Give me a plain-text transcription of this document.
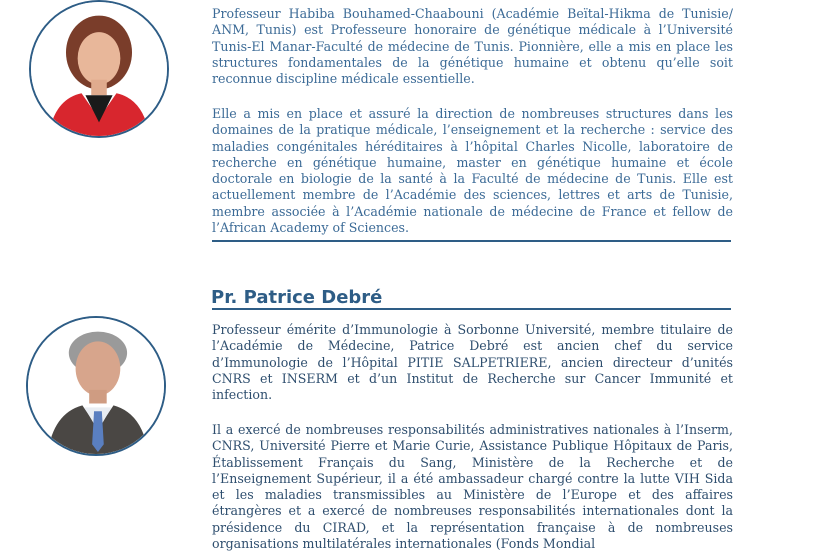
Professeur Habiba Bouhamed-Chaabouni (Académie Beïtal-Hikma de Tunisie/ ANM, Tunis) est Professeure honoraire de génétique médicale à l’Université Tunis-El Manar-Faculté de médecine de Tunis. Pionnière, elle a mis en place les structures fondamentales de la génétique humaine et obtenu qu’elle soit reconnue discipline médicale essentielle.

Elle a mis en place et assuré la direction de nombreuses structures dans les domaines de la pratique médicale, l’enseignement et la recherche : service des maladies congénitales héréditaires à l’hôpital Charles Nicolle, laboratoire de recherche en génétique humaine, master en génétique humaine et école doctorale en biologie de la santé à la Faculté de médecine de Tunis. Elle est actuellement membre de l’Académie des sciences, lettres et arts de Tunisie, membre associée à l’Académie nationale de médecine de France et fellow de l’African Academy of Sciences.

Pr. Patrice Debré

Professeur émérite d’Immunologie à Sorbonne Université, membre titulaire de l’Académie de Médecine, Patrice Debré est ancien chef du service d’Immunologie de l’Hôpital PITIE SALPETRIERE, ancien directeur d’unités CNRS et INSERM et d’un Institut de Recherche sur Cancer Immunité et infection.

Il a exercé de nombreuses responsabilités administratives nationales à l’Inserm, CNRS, Université Pierre et Marie Curie, Assistance Publique Hôpitaux de Paris, Établissement Français du Sang, Ministère de la Recherche et de l’Enseignement Supérieur, il a été ambassadeur chargé contre la lutte VIH Sida et les maladies transmissibles au Ministère de l’Europe et des affaires étrangères et a exercé de nombreuses responsabilités internationales dont la présidence du CIRAD, et la représentation française à de nombreuses organisations multilatérales internationales (Fonds Mondial
